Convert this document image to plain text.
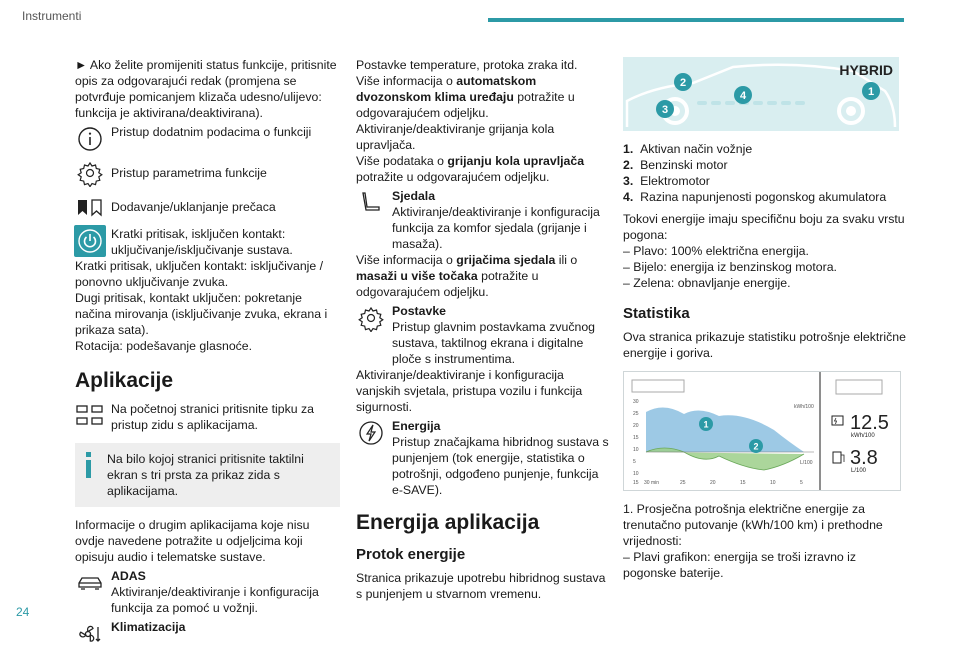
Instrumenti
24

► Ako želite promijeniti status funkcije, pritisnite opis za odgovarajući redak (promjena se potvrđuje pomicanjem klizača udesno/ulijevo: funkcija je aktivirana/deaktivirana).

Pristup dodatnim podacima o funkciji
Pristup parametrima funkcije
Dodavanje/uklanjanje prečaca
Kratki pritisak, isključen kontakt: uključivanje/isključivanje sustava.

Kratki pritisak, uključen kontakt: isključivanje / ponovno uključivanje zvuka.

Dugi pritisak, kontakt uključen: pokretanje načina mirovanja (isključivanje zvuka, ekrana i prikaza sata).

Rotacija: podešavanje glasnoće.

Aplikacije
Na početnoj stranici pritisnite tipku za pristup zidu s aplikacijama.
Na bilo kojoj stranici pritisnite taktilni ekran s tri prsta za prikaz zida s aplikacijama.

Informacije o drugim aplikacijama koje nisu ovdje navedene potražite u odjeljcima koji opisuju audio i telematske sustave.

ADAS
Aktiviranje/deaktiviranje i konfiguracija funkcija za pomoć u vožnji.
Klimatizacija

Postavke temperature, protoka zraka itd.

Više informacija o automatskom dvozonskom klima uređaju potražite u odgovarajućem odjeljku.

Aktiviranje/deaktiviranje grijanja kola upravljača.

Više podataka o grijanju kola upravljača potražite u odgovarajućem odjeljku.

Sjedala
Aktiviranje/deaktiviranje i konfiguracija funkcija za komfor sjedala (grijanje i masaža).

Više informacija o grijačima sjedala ili o masaži u više točaka potražite u odgovarajućem odjeljku.

Postavke
Pristup glavnim postavkama zvučnog sustava, taktilnog ekrana i digitalne ploče s instrumentima.

Aktiviranje/deaktiviranje i konfiguracija vanjskih svjetala, pristupa vozilu i funkcija sigurnosti.

Energija
Pristup značajkama hibridnog sustava s punjenjem (tok energije, statistika o potrošnji, odgođeno punjenje, funkcija e-SAVE).
Energija aplikacija
Protok energije

Stranica prikazuje upotrebu hibridnog sustava s punjenjem u stvarnom vremenu.

1
2
3
4
HYBRID
1. Aktivan način vožnje
2. Benzinski motor
3. Elektromotor
4. Razina napunjenosti pogonskog akumulatora

Tokovi energije imaju specifičnu boju za svaku vrstu pogona:

– Plavo: 100% električna energija.

– Bijelo: energija iz benzinskog motora.

– Zelena: obnavljanje energije.

Statistika

Ova stranica prikazuje statistiku potrošnje električne energije i goriva.

30
25
20
15
10
5
10
15
1
2
kWh/100
L/100
30 min	25	20	15	10	5
12.5
kWh/100
3.8
L/100

1. Prosječna potrošnja električne energije za trenutačno putovanje (kWh/100 km) i prethodne vrijednosti:

– Plavi grafikon: energija se troši izravno iz pogonske baterije.
